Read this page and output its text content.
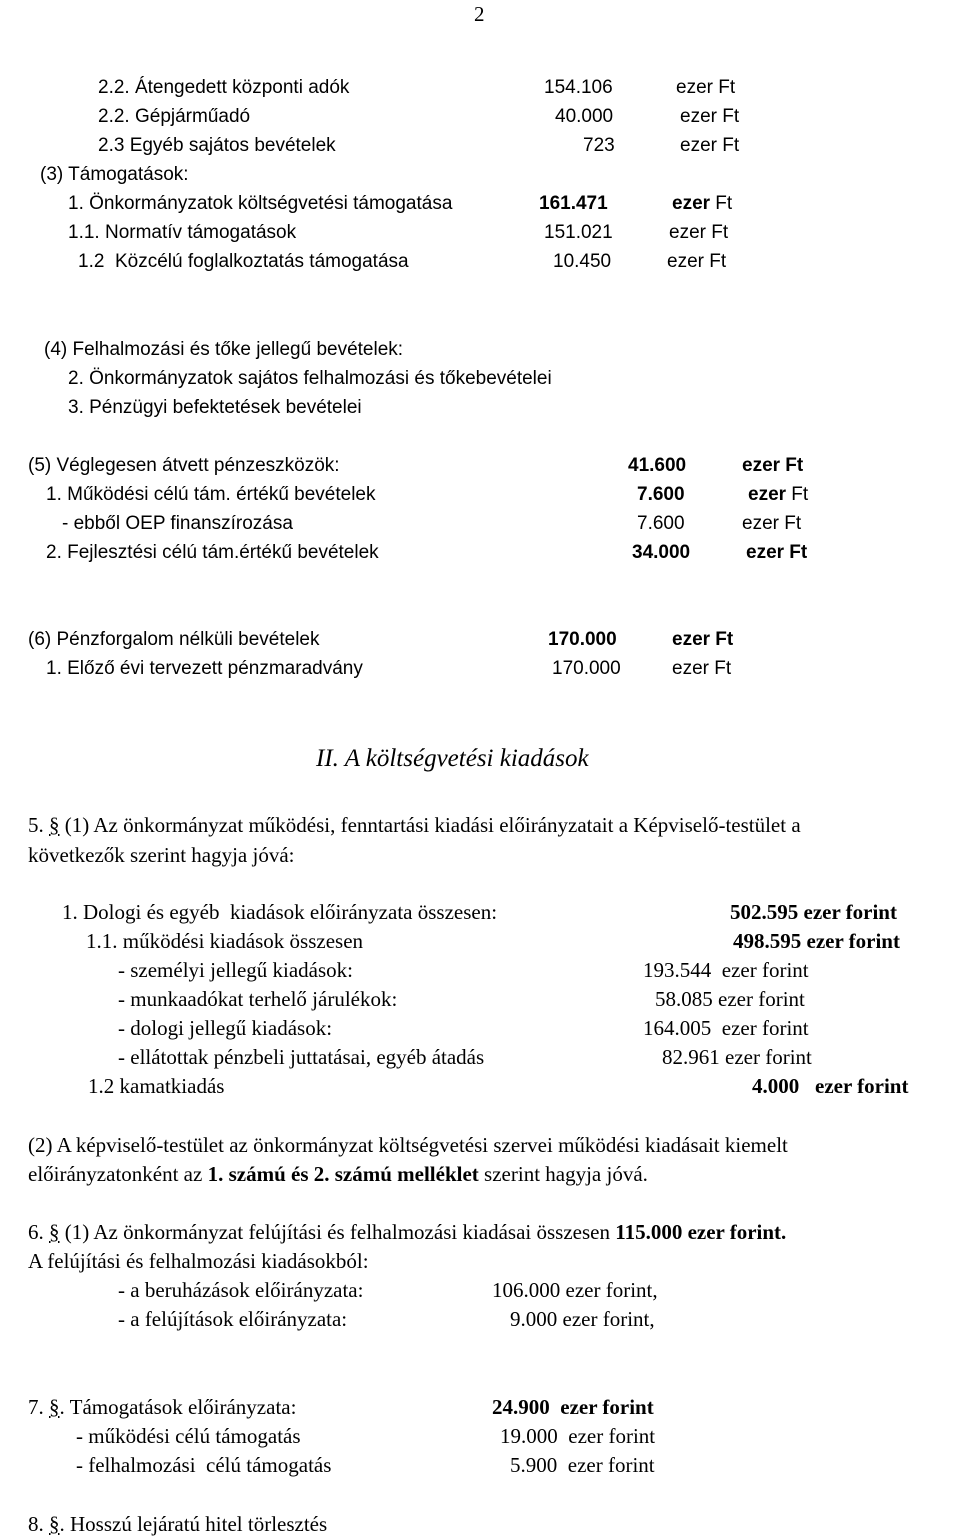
2
2.2. Átengedett központi adók	154.106	ezer Ft
2.2. Gépjárműadó	40.000	ezer Ft
2.3 Egyéb sajátos bevételek	723	ezer Ft
(3) Támogatások:
1. Önkormányzatok költségvetési támogatása	161.471	ezer Ft
1.1. Normatív támogatások	151.021	ezer Ft
1.2  Közcélú foglalkoztatás támogatása	10.450	ezer Ft
(4) Felhalmozási és tőke jellegű bevételek:
2. Önkormányzatok sajátos felhalmozási és tőkebevételei
3. Pénzügyi befektetések bevételei
(5) Véglegesen átvett pénzeszközök:	41.600	ezer Ft
1. Működési célú tám. értékű bevételek	7.600	ezer Ft
- ebből OEP finanszírozása	7.600	ezer Ft
2. Fejlesztési célú tám.értékű bevételek	34.000	ezer Ft
(6) Pénzforgalom nélküli bevételek	170.000	ezer Ft
1. Előző évi tervezett pénzmaradvány	170.000	ezer Ft
II. A költségvetési kiadások
5. § (1) Az önkormányzat működési, fenntartási kiadási előirányzatait a Képviselő-testület a
következők szerint hagyja jóvá:
1. Dologi és egyéb  kiadások előirányzata összesen:	502.595 ezer forint
1.1. működési kiadások összesen	498.595 ezer forint
- személyi jellegű kiadások:	193.544  ezer forint
- munkaadókat terhelő járulékok:	58.085 ezer forint
- dologi jellegű kiadások:	164.005  ezer forint
- ellátottak pénzbeli juttatásai, egyéb átadás	82.961 ezer forint
1.2 kamatkiadás	4.000   ezer forint
(2) A képviselő-testület az önkormányzat költségvetési szervei működési kiadásait kiemelt
előirányzatonként az 1. számú és 2. számú melléklet szerint hagyja jóvá.
6. § (1) Az önkormányzat felújítási és felhalmozási kiadásai összesen 115.000 ezer forint.
A felújítási és felhalmozási kiadásokból:
- a beruházások előirányzata:	106.000 ezer forint,
- a felújítások előirányzata:	9.000 ezer forint,
7. §. Támogatások előirányzata:	24.900  ezer forint
- működési célú támogatás	19.000  ezer forint
- felhalmozási  célú támogatás	5.900  ezer forint
8. §. Hosszú lejáratú hitel törlesztés
